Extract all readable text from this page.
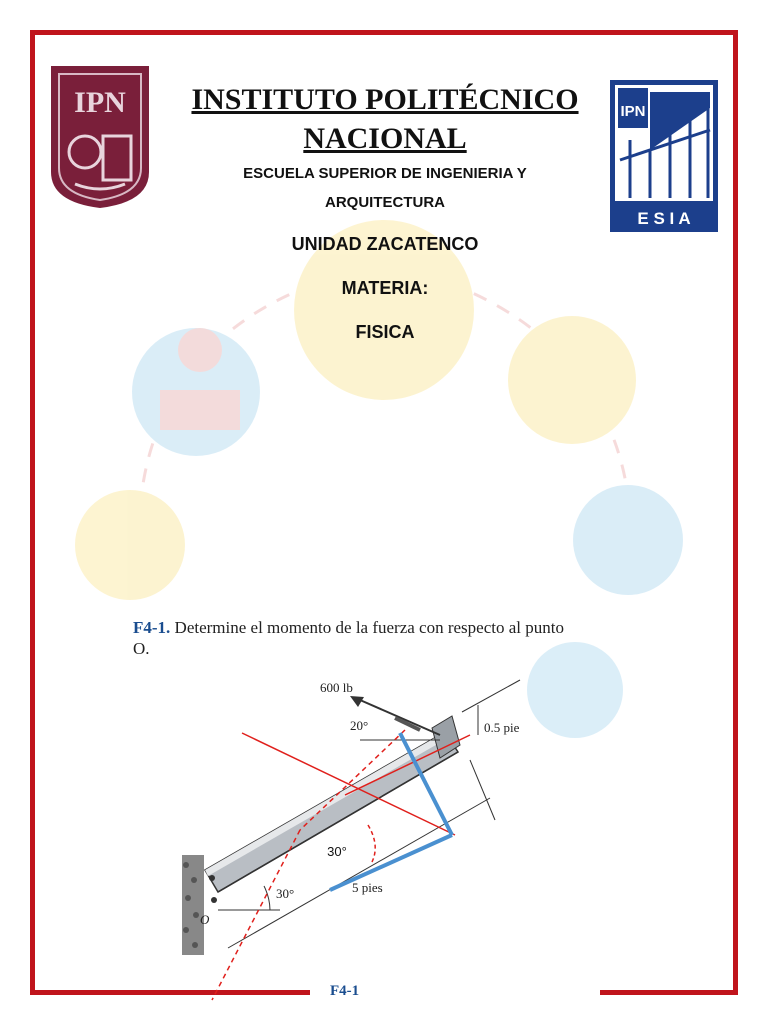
IPN	IPN
E S I A
INSTITUTO POLITÉCNICO
NACIONAL
ESCUELA SUPERIOR DE INGENIERIA Y
ARQUITECTURA
UNIDAD ZACATENCO
MATERIA:
FISICA
F4-1. Determine el momento de la fuerza con respecto al punto O.
600 lb
20°	0.5 pie
5 pies
30°
O
30°
F4-1
